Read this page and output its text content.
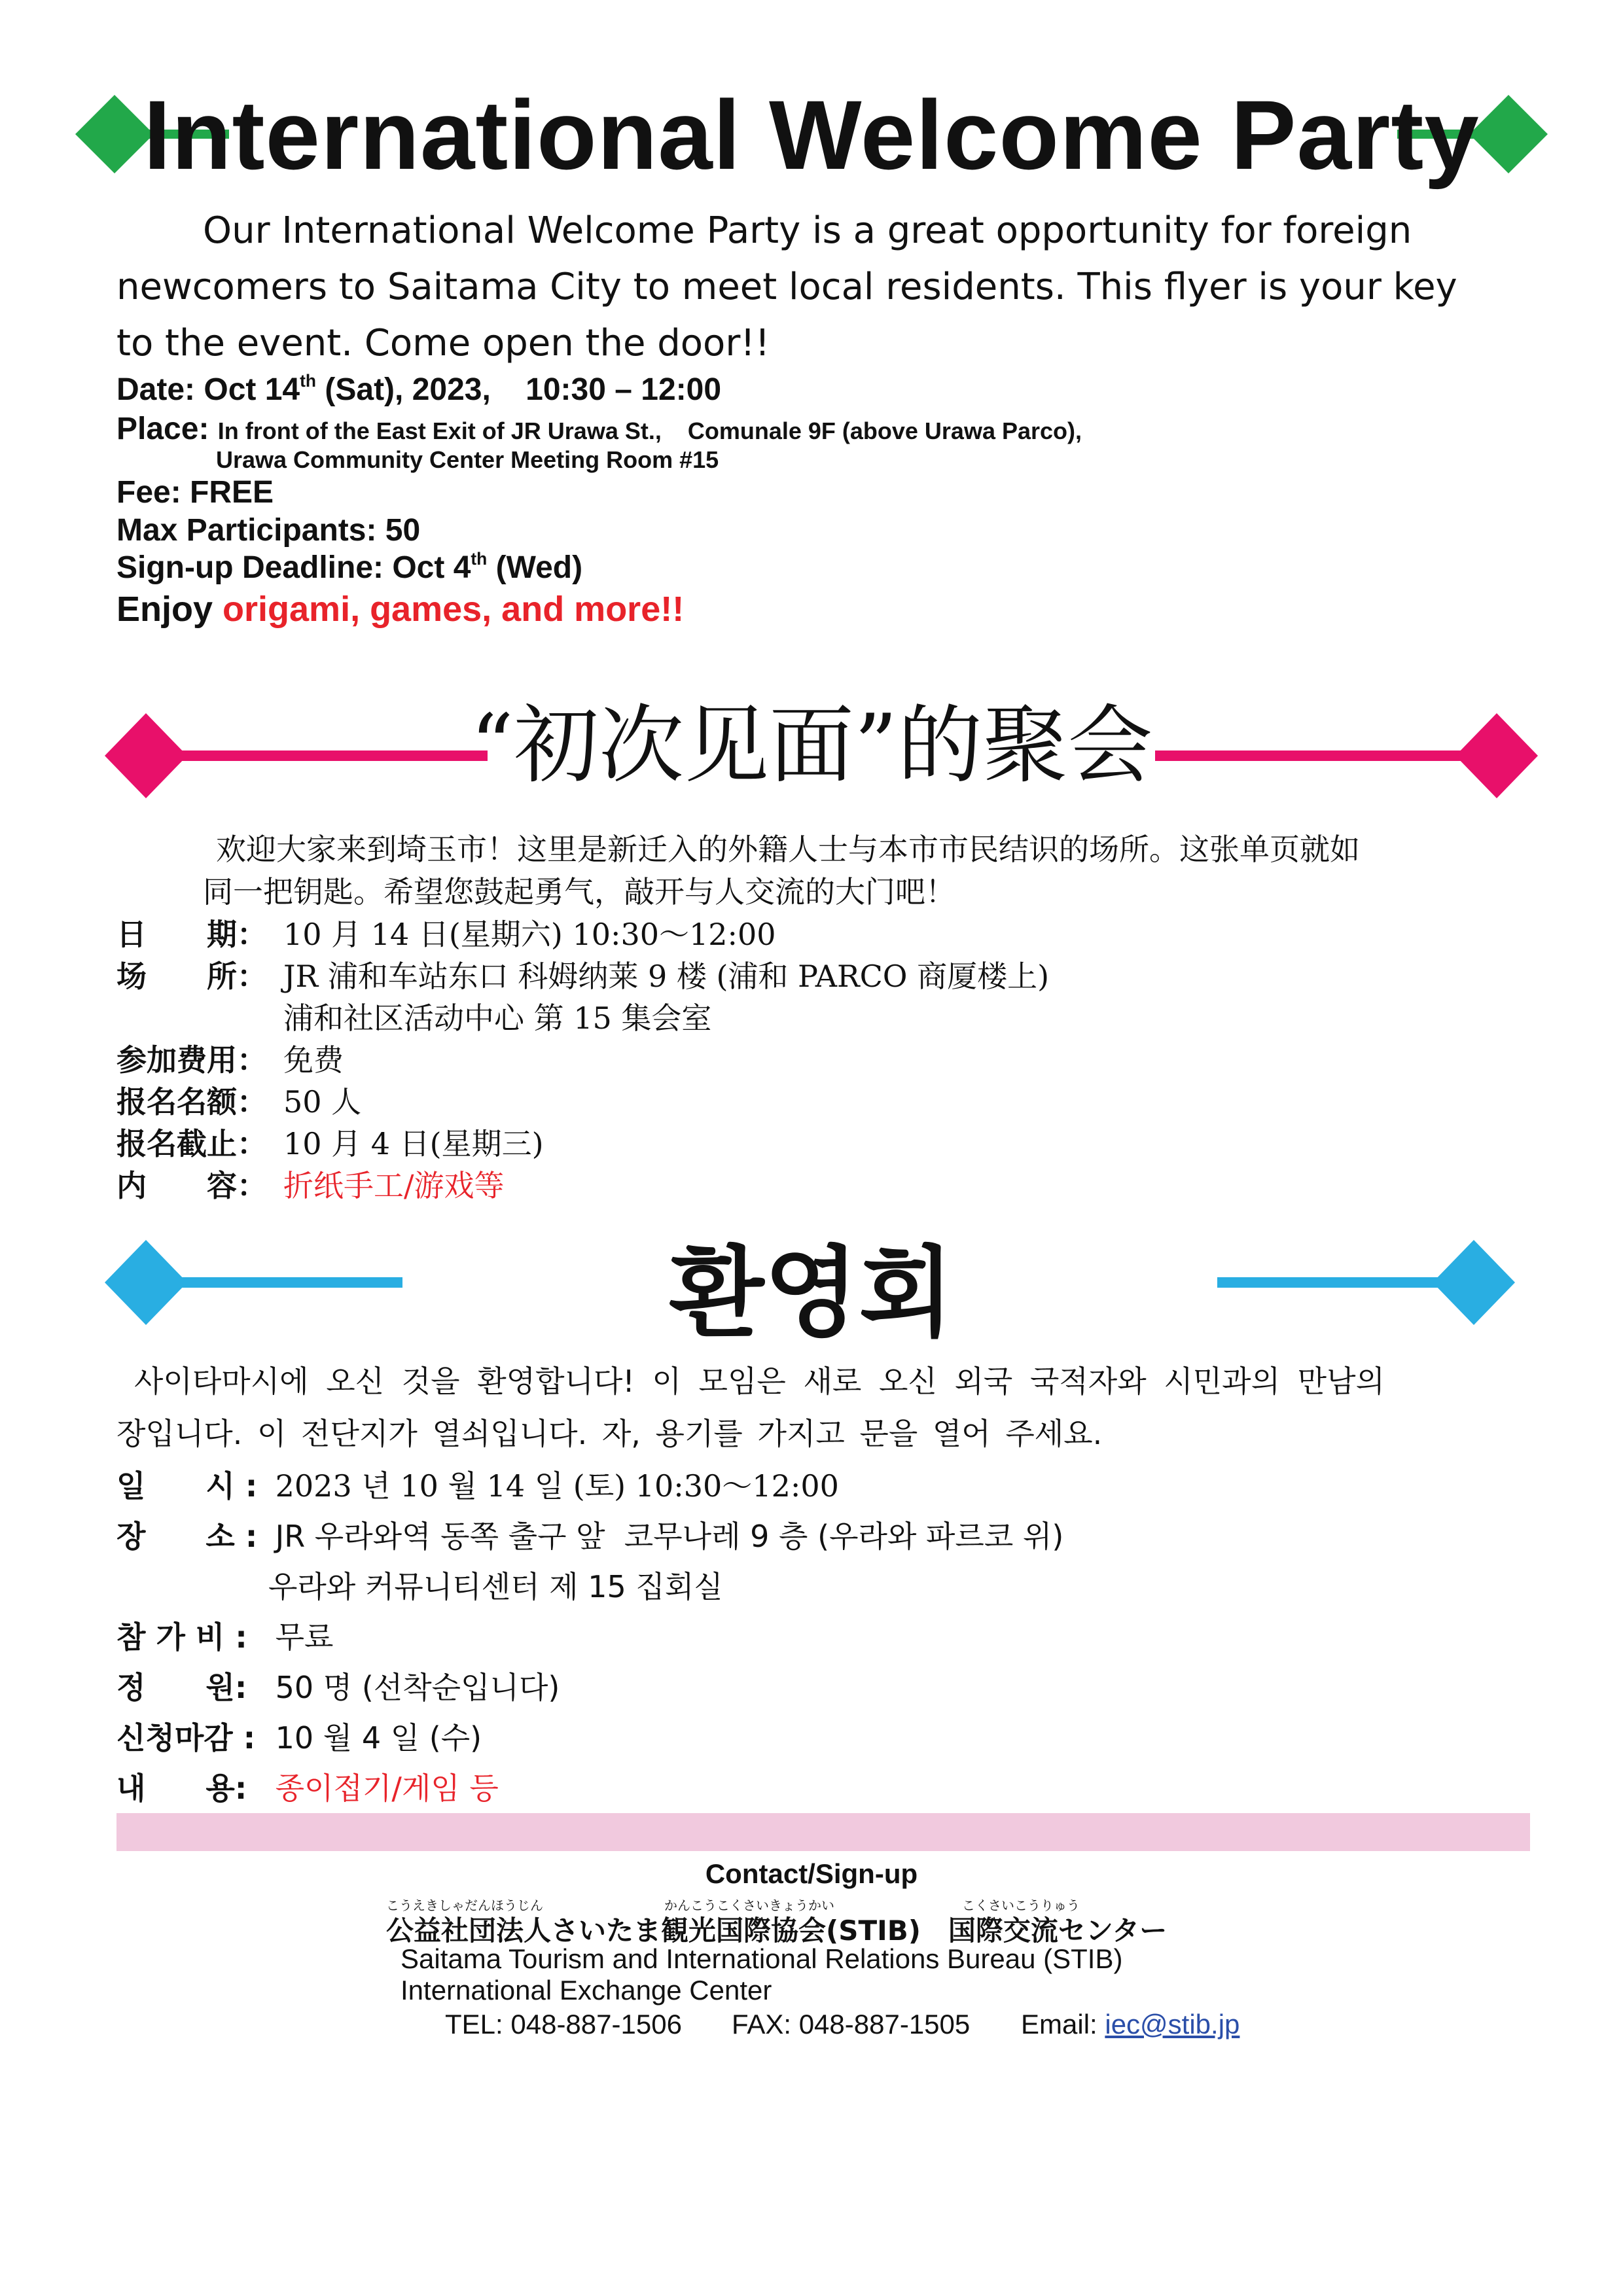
International Welcome Party
Our International Welcome Party is a great opportunity for foreign
newcomers to Saitama City to meet local residents. This flyer is your key
to the event. Come open the door!!
Date: Oct 14th (Sat), 2023,    10:30 – 12:00
Place: In front of the East Exit of JR Urawa St.,    Comunale 9F (above Urawa Parco),
Urawa Community Center Meeting Room #15
Fee: FREE
Max Participants: 50
Sign-up Deadline: Oct 4th (Wed)
Enjoy origami, games, and more!!
“初次见面”的聚会
欢迎大家来到埼玉市！这里是新迁入的外籍人士与本市市民结识的场所。这张单页就如
同一把钥匙。希望您鼓起勇气，敲开与人交流的大门吧！
日　　期： 10 月 14 日(星期六) 10:30～12:00
场　　所： JR 浦和车站东口 科姆纳莱 9 楼 (浦和 PARCO 商厦楼上)
浦和社区活动中心 第 15 集会室
参加费用： 免费
报名名额： 50 人
报名截止： 10 月 4 日(星期三)
内　　容： 折纸手工/游戏等
환영회
사이타마시에 오신 것을 환영합니다! 이 모임은 새로 오신 외국 국적자와 시민과의 만남의
장입니다. 이 전단지가 열쇠입니다. 자, 용기를 가지고 문을 열어 주세요.
일　　시 : 2023 년 10 월 14 일 (토) 10:30～12:00
장　　소 : JR 우라와역 동쪽 출구 앞  코무나레 9 층 (우라와 파르코 위)
우라와 커뮤니티센터 제 15 집회실
참 가 비 : 무료
정　　원: 50 명 (선착순입니다)
신청마감 : 10 월 4 일 (수)
내　　용: 종이접기/게임 등
Contact/Sign-up
こうえきしゃだんほうじん	かんこうこくさいきょうかい	こくさいこうりゅう
公益社団法人さいたま観光国際協会(STIB)　国際交流センター
Saitama Tourism and International Relations Bureau (STIB)
International Exchange Center
TEL: 048-887-1506 FAX: 048-887-1505 Email: iec@stib.jp
